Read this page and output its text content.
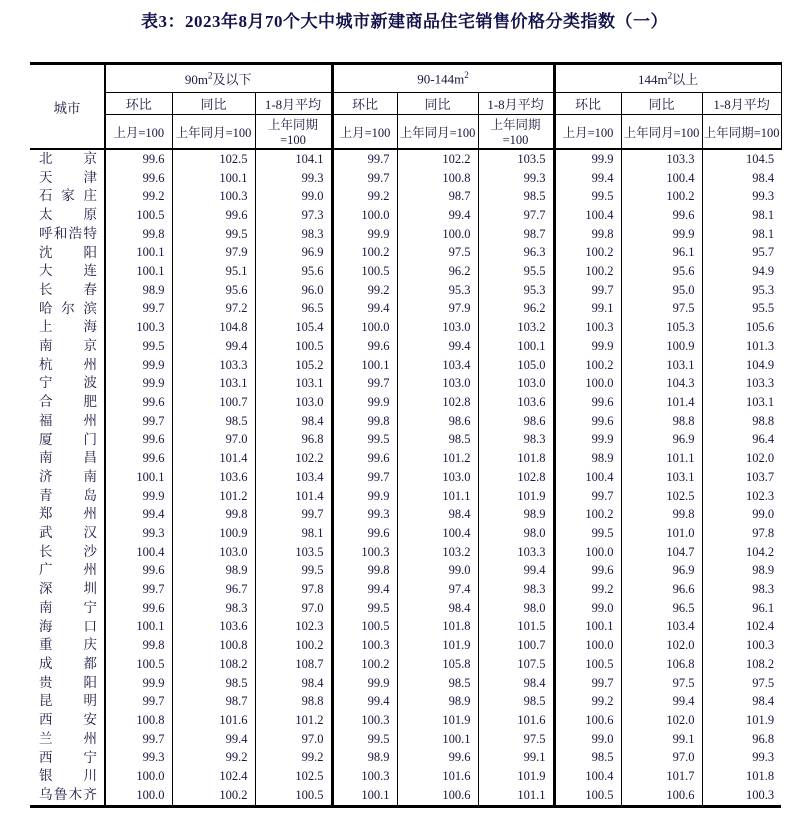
表3：2023年8月70个大中城市新建商品住宅销售价格分类指数（一）
城市	$90m^2$及以下			$90-144m^2$			$144m^2$以上		
	环比	同比	1-8月平均	环比	同比	1-8月平均	环比	同比	1-8月平均
	上月=100	上年同月=100	上年同期=100	上月=100	上年同月=100	上年同期=100	上月=100	上年同月=100	上年同期=100
北京	99.6	102.5	104.1	99.7	102.2	103.5	99.9	103.3	104.5
天津	99.6	100.1	99.3	99.7	100.8	99.3	99.4	100.4	98.4
石家庄	99.2	100.3	99.0	99.2	98.7	98.5	99.5	100.2	99.3
太原	100.5	99.6	97.3	100.0	99.4	97.7	100.4	99.6	98.1
呼和浩特	99.8	99.5	98.3	99.9	100.0	98.7	99.8	99.9	98.1
沈阳	100.1	97.9	96.9	100.2	97.5	96.3	100.2	96.1	95.7
大连	100.1	95.1	95.6	100.5	96.2	95.5	100.2	95.6	94.9
长春	98.9	95.6	96.0	99.2	95.3	95.3	99.7	95.0	95.3
哈尔滨	99.7	97.2	96.5	99.4	97.9	96.2	99.1	97.5	95.5
上海	100.3	104.8	105.4	100.0	103.0	103.2	100.3	105.3	105.6
南京	99.5	99.4	100.5	99.6	99.4	100.1	99.9	100.9	101.3
杭州	99.9	103.3	105.2	100.1	103.4	105.0	100.2	103.1	104.9
宁波	99.9	103.1	103.1	99.7	103.0	103.0	100.0	104.3	103.3
合肥	99.6	100.7	103.0	99.9	102.8	103.6	99.6	101.4	103.1
福州	99.7	98.5	98.4	99.8	98.6	98.6	99.6	98.8	98.8
厦门	99.6	97.0	96.8	99.5	98.5	98.3	99.9	96.9	96.4
南昌	99.6	101.4	102.2	99.6	101.2	101.8	98.9	101.1	102.0
济南	100.1	103.6	103.4	99.7	103.0	102.8	100.4	103.1	103.7
青岛	99.9	101.2	101.4	99.9	101.1	101.9	99.7	102.5	102.3
郑州	99.4	99.8	99.7	99.3	98.4	98.9	100.2	99.8	99.0
武汉	99.3	100.9	98.1	99.6	100.4	98.0	99.5	101.0	97.8
长沙	100.4	103.0	103.5	100.3	103.2	103.3	100.0	104.7	104.2
广州	99.6	98.9	99.5	99.8	99.0	99.4	99.6	96.9	98.9
深圳	99.7	96.7	97.8	99.4	97.4	98.3	99.2	96.6	98.3
南宁	99.6	98.3	97.0	99.5	98.4	98.0	99.0	96.5	96.1
海口	100.1	103.6	102.3	100.5	101.8	101.5	100.1	103.4	102.4
重庆	99.8	100.8	100.2	100.3	101.9	100.7	100.0	102.0	100.3
成都	100.5	108.2	108.7	100.2	105.8	107.5	100.5	106.8	108.2
贵阳	99.9	98.5	98.4	99.9	98.5	98.4	99.7	97.5	97.5
昆明	99.7	98.7	98.8	99.4	98.9	98.5	99.2	99.4	98.4
西安	100.8	101.6	101.2	100.3	101.9	101.6	100.6	102.0	101.9
兰州	99.7	99.4	97.0	99.5	100.1	97.5	99.0	99.1	96.8
西宁	99.3	99.2	99.2	98.9	99.6	99.1	98.5	97.0	99.3
银川	100.0	102.4	102.5	100.3	101.6	101.9	100.4	101.7	101.8
乌鲁木齐	100.0	100.2	100.5	100.1	100.6	101.1	100.5	100.6	100.3
